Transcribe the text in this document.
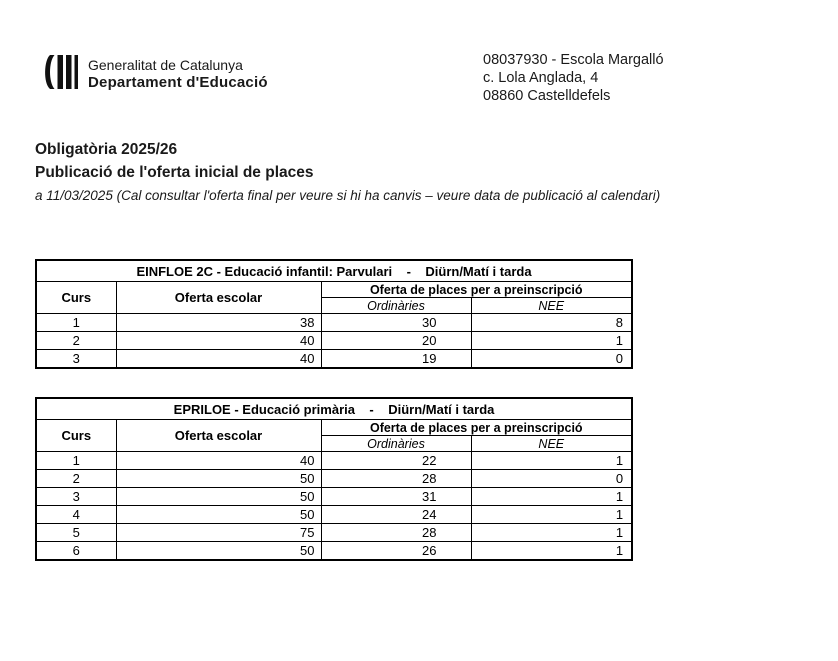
Generalitat de Catalunya
Departament d'Educació
08037930 - Escola Margalló
c. Lola Anglada, 4
08860 Castelldefels
Obligatòria 2025/26
Publicació de l'oferta inicial de places
a 11/03/2025 (Cal consultar l'oferta final per veure si hi ha canvis – veure data de publicació al calendari)
EINFLOE 2C - Educació infantil: Parvulari    -    Diürn/Matí i tarda			
Curs	Oferta escolar	Oferta de places per a preinscripció	
		Ordinàries	NEE
1	38	30	8
2	40	20	1
3	40	19	0
EPRILOE - Educació primària    -    Diürn/Matí i tarda			
Curs	Oferta escolar	Oferta de places per a preinscripció	
		Ordinàries	NEE
1	40	22	1
2	50	28	0
3	50	31	1
4	50	24	1
5	75	28	1
6	50	26	1
